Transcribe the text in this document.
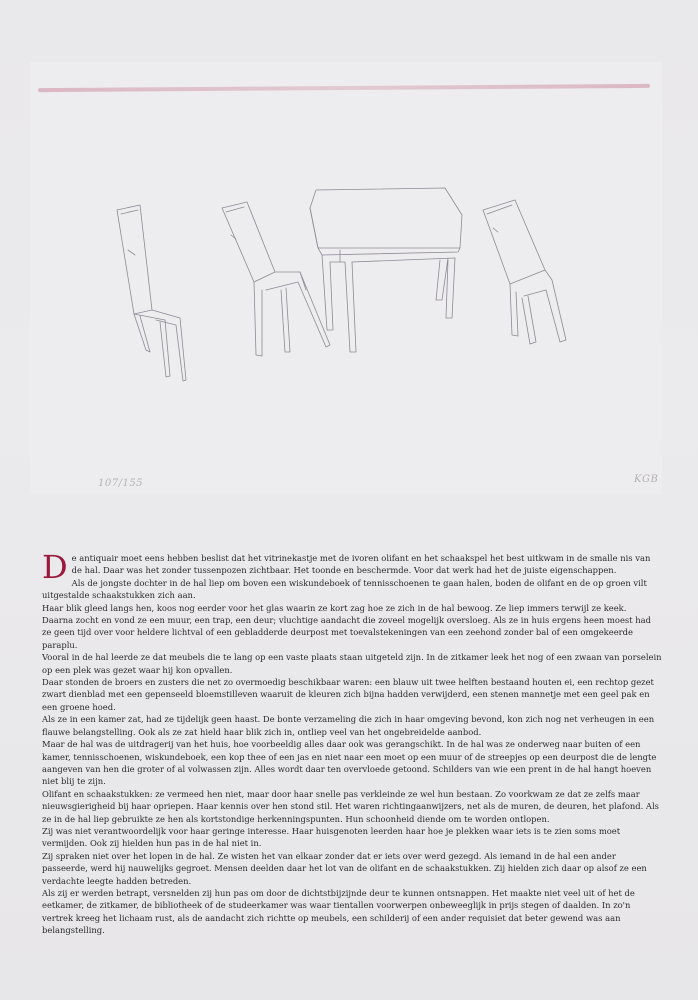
107/155	KGB
D e antiquair moet eens hebben beslist dat het vitrinekastje met de ivoren olifant en het schaakspel het best uitkwam in de smalle nis van de hal. Daar was het zonder tussenpozen zichtbaar. Het toonde en beschermde. Voor dat werk had het de juiste eigenschappen.

Als de jongste dochter in de hal liep om boven een wiskundeboek of tennisschoenen te gaan halen, boden de olifant en de op groen vilt uitgestalde schaakstukken zich aan.

Haar blik gleed langs hen, koos nog eerder voor het glas waarin ze kort zag hoe ze zich in de hal bewoog. Ze liep immers terwijl ze keek.

Daarna zocht en vond ze een muur, een trap, een deur; vluchtige aandacht die zoveel mogelijk oversloeg. Als ze in huis ergens heen moest had ze geen tijd over voor heldere lichtval of een gebladderde deurpost met toevalstekeningen van een zeehond zonder bal of een omgekeerde paraplu.

Vooral in de hal leerde ze dat meubels die te lang op een vaste plaats staan uitgeteld zijn. In de zitkamer leek het nog of een zwaan van porselein op een plek was gezet waar hij kon opvallen.

Daar stonden de broers en zusters die net zo overmoedig beschikbaar waren: een blauw uit twee helften bestaand houten ei, een rechtop gezet zwart dienblad met een gepenseeld bloemstilleven waaruit de kleuren zich bijna hadden verwijderd, een stenen mannetje met een geel pak en een groene hoed.

Als ze in een kamer zat, had ze tijdelijk geen haast. De bonte verzameling die zich in haar omgeving bevond, kon zich nog net verheugen in een flauwe belangstelling. Ook als ze zat hield haar blik zich in, ontliep veel van het ongebreidelde aanbod.

Maar de hal was de uitdragerij van het huis, hoe voorbeeldig alles daar ook was gerangschikt. In de hal was ze onderweg naar buiten of een kamer, tennisschoenen, wiskundeboek, een kop thee of een jas en niet naar een moet op een muur of de streepjes op een deurpost die de lengte aangeven van hen die groter of al volwassen zijn. Alles wordt daar ten overvloede getoond. Schilders van wie een prent in de hal hangt hoeven niet blij te zijn.

Olifant en schaakstukken: ze vermeed hen niet, maar door haar snelle pas verkleinde ze wel hun bestaan. Zo voorkwam ze dat ze zelfs maar nieuwsgierigheid bij haar opriepen. Haar kennis over hen stond stil. Het waren richtingaanwijzers, net als de muren, de deuren, het plafond. Als ze in de hal liep gebruikte ze hen als kortstondige herkenningspunten. Hun schoonheid diende om te worden ontlopen.

Zij was niet verantwoordelijk voor haar geringe interesse. Haar huisgenoten leerden haar hoe je plekken waar iets is te zien soms moet vermijden. Ook zij hielden hun pas in de hal niet in.

Zij spraken niet over het lopen in de hal. Ze wisten het van elkaar zonder dat er iets over werd gezegd. Als iemand in de hal een ander passeerde, werd hij nauwelijks gegroet. Mensen deelden daar het lot van de olifant en de schaakstukken. Zij hielden zich daar op alsof ze een verdachte leegte hadden betreden.

Als zij er werden betrapt, versnelden zij hun pas om door de dichtstbijzijnde deur te kunnen ontsnappen. Het maakte niet veel uit of het de eetkamer, de zitkamer, de bibliotheek of de studeerkamer was waar tientallen voorwerpen onbeweeglijk in prijs stegen of daalden. In zo'n vertrek kreeg het lichaam rust, als de aandacht zich richtte op meubels, een schilderij of een ander requisiet dat beter gewend was aan belangstelling.
